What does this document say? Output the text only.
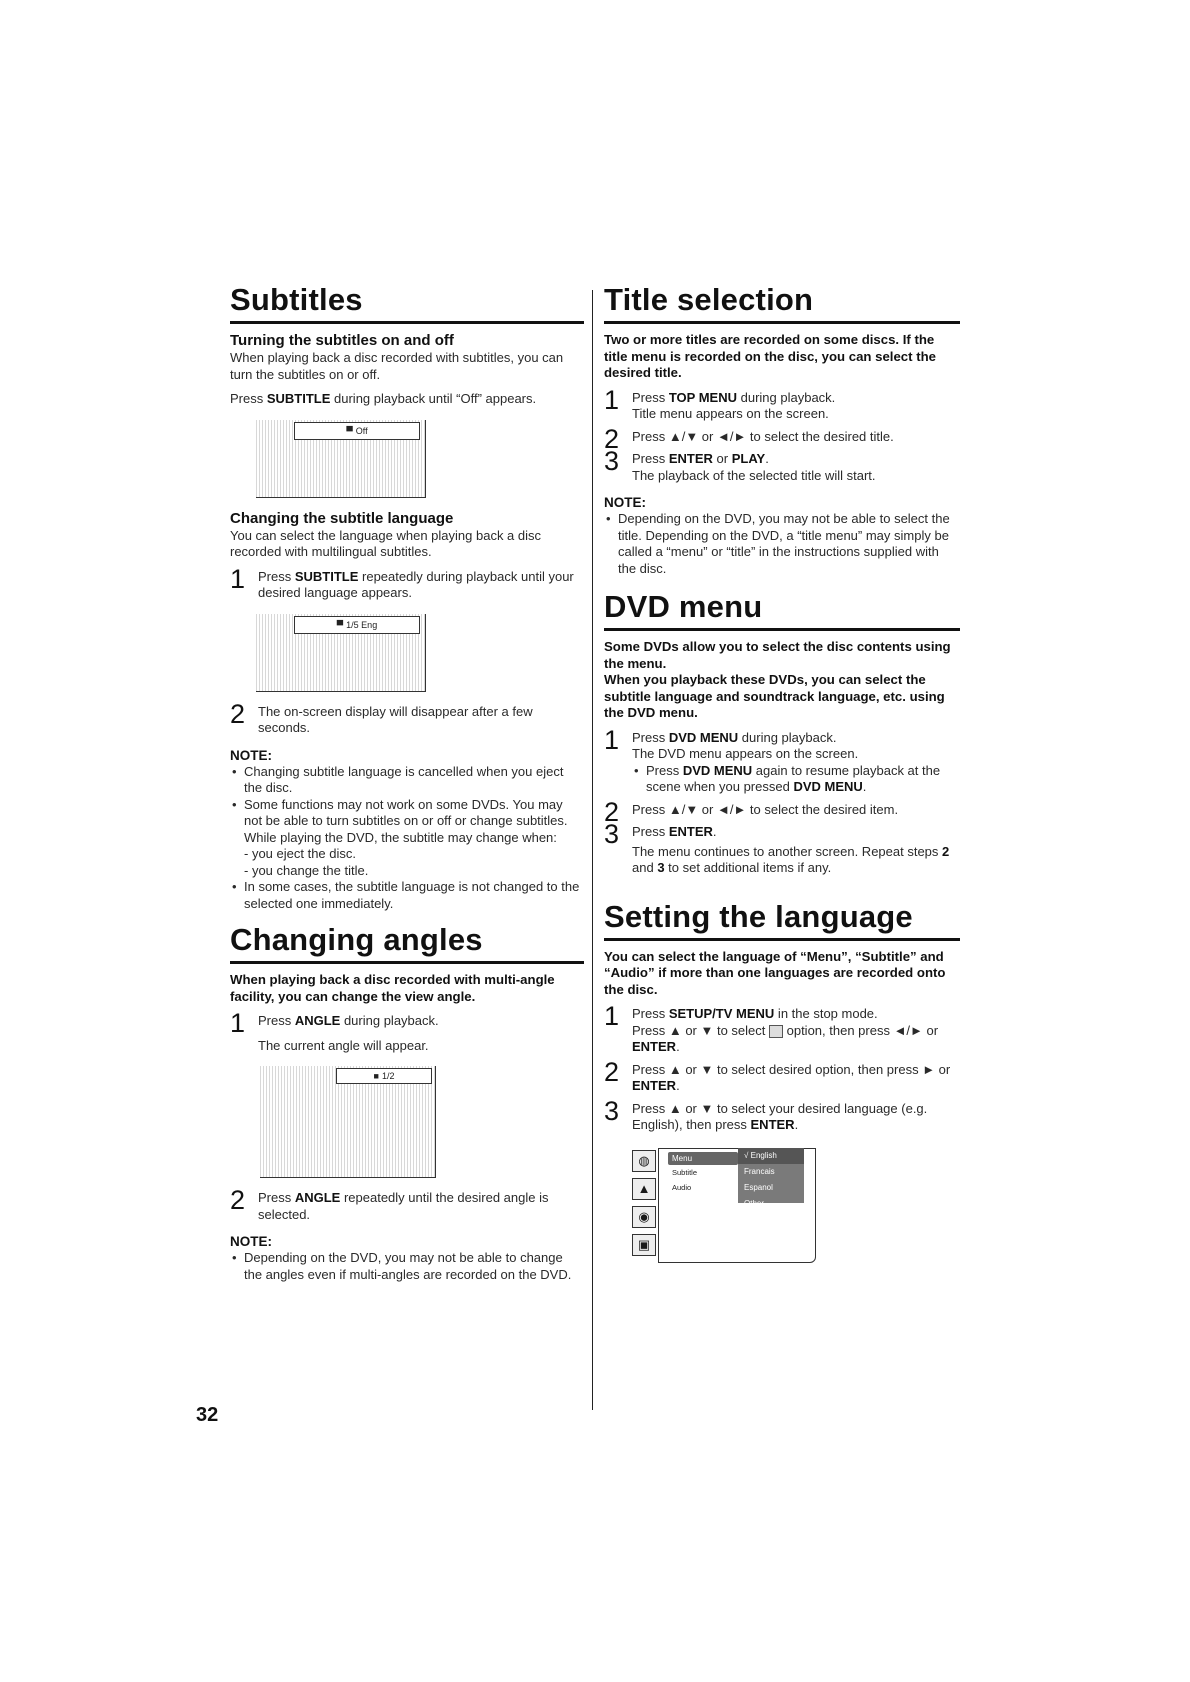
Subtitles
Turning the subtitles on and off
When playing back a disc recorded with subtitles, you can turn the subtitles on or off.
Press SUBTITLE during playback until “Off” appears.
▀ Off
Changing the subtitle language
You can select the language when playing back a disc recorded with multilingual subtitles.
1 Press SUBTITLE repeatedly during playback until your desired language appears.
▀ 1/5 Eng
2 The on-screen display will disappear after a few seconds.
NOTE:
• Changing subtitle language is cancelled when you eject the disc.
• Some functions may not work on some DVDs. You may not be able to turn subtitles on or off or change subtitles. While playing the DVD, the subtitle may change when:
- you eject the disc.
- you change the title.
• In some cases, the subtitle language is not changed to the selected one immediately.
Changing angles
When playing back a disc recorded with multi-angle facility, you can change the view angle.
1 Press ANGLE during playback.
The current angle will appear.
■ 1/2
2 Press ANGLE repeatedly until the desired angle is selected.
NOTE:
• Depending on the DVD, you may not be able to change the angles even if multi-angles are recorded on the DVD.
Title selection
Two or more titles are recorded on some discs. If the title menu is recorded on the disc, you can select the desired title.
1 Press TOP MENU during playback.
Title menu appears on the screen.
2 Press ▲/▼ or ◄/► to select the desired title.
3 Press ENTER or PLAY.
The playback of the selected title will start.
NOTE:
• Depending on the DVD, you may not be able to select the title. Depending on the DVD, a “title menu” may simply be called a “menu” or “title” in the instructions supplied with the disc.
DVD menu
Some DVDs allow you to select the disc contents using the menu.
When you playback these DVDs, you can select the subtitle language and soundtrack language, etc. using the DVD menu.
1 Press DVD MENU during playback.
The DVD menu appears on the screen.
• Press DVD MENU again to resume playback at the scene when you pressed DVD MENU.
2 Press ▲/▼ or ◄/► to select the desired item.
3 Press ENTER.
The menu continues to another screen. Repeat steps 2 and 3 to set additional items if any.
Setting the language
You can select the language of “Menu”, “Subtitle” and “Audio” if more than one languages are recorded onto the disc.
1 Press SETUP/TV MENU in the stop mode.
Press ▲ or ▼ to select  option, then press ◄/► or ENTER.
2 Press ▲ or ▼ to select desired option, then press ► or ENTER.
3 Press ▲ or ▼ to select your desired language (e.g. English), then press ENTER.
◍
▲
◉
▣
Menu
Subtitle
Audio
√ English
Francais
Espanol
Other
32
